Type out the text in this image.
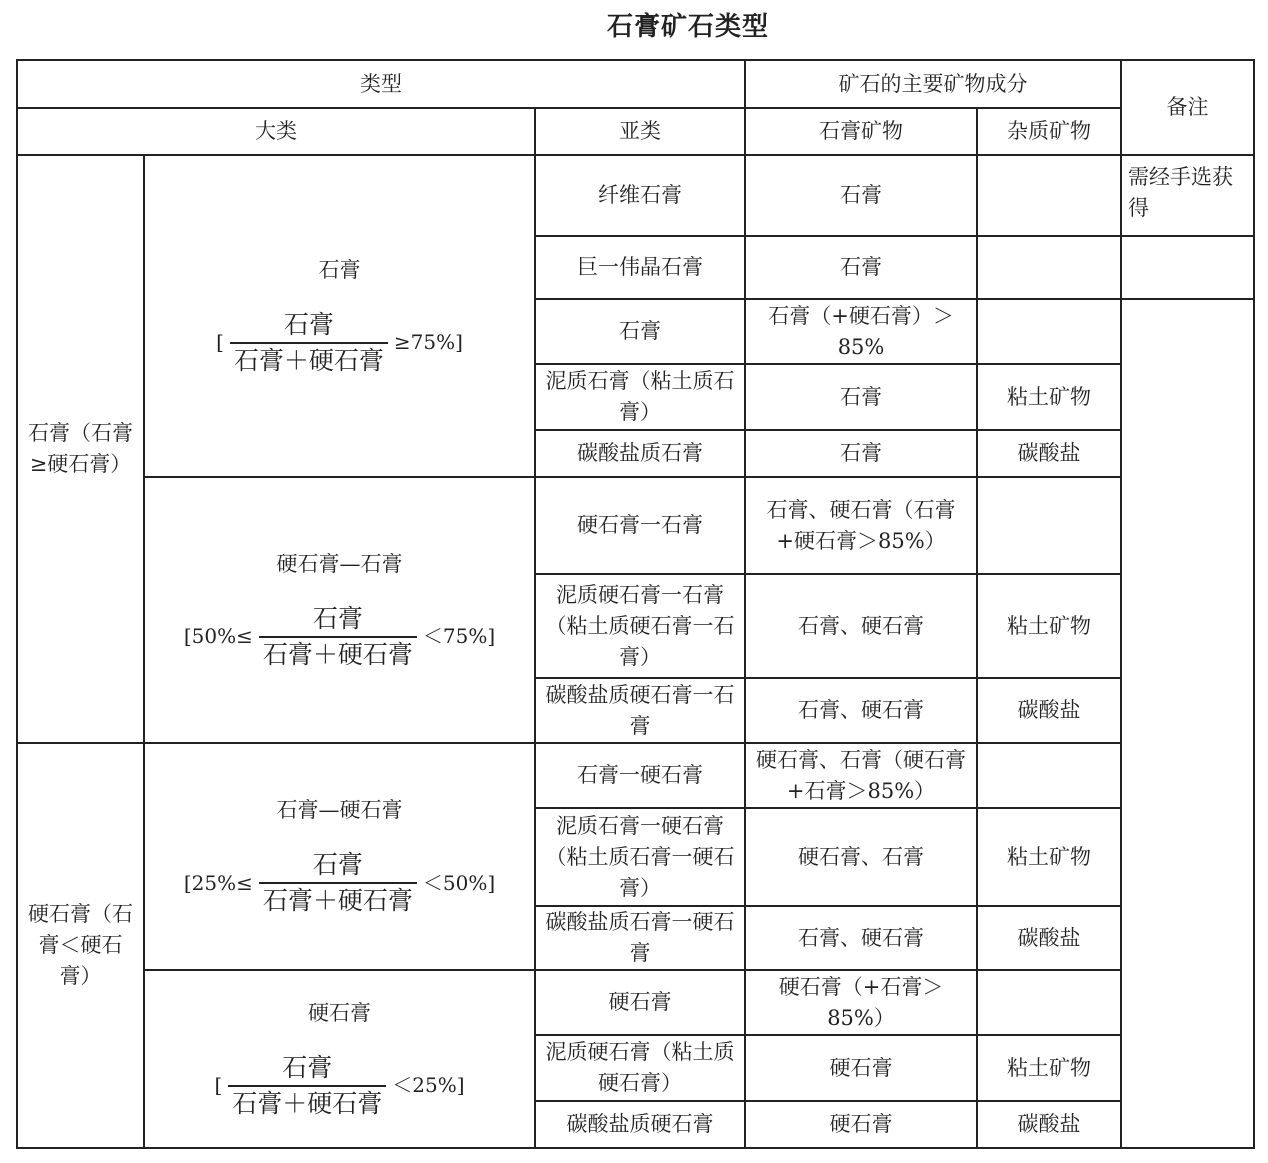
石膏矿石类型
类型			矿石的主要矿物成分		备注
大类		亚类	石膏矿物	杂质矿物	
石膏（石膏≥硬石膏）	石膏
[
石膏
石膏＋硬石膏
≥75%]	纤维石膏	石膏		需经手选获得
		巨一伟晶石膏	石膏		
		石膏	石膏（+硬石膏）＞85%		
		泥质石膏（粘土质石膏）	石膏	粘土矿物	
		碳酸盐质石膏	石膏	碳酸盐	

	硬石膏—石膏
[50%≤
石膏
石膏＋硬石膏
＜75%]	硬石膏一石膏	石膏、硬石膏（石膏+硬石膏＞85%）		
		泥质硬石膏一石膏（粘土质硬石膏一石膏）	石膏、硬石膏	粘土矿物	
		碳酸盐质硬石膏一石膏	石膏、硬石膏	碳酸盐	
硬石膏（石膏＜硬石膏）	石膏—硬石膏
[25%≤
石膏
石膏＋硬石膏
＜50%]	石膏一硬石膏	硬石膏、石膏（硬石膏+石膏＞85%）		
		泥质石膏一硬石膏（粘土质石膏一硬石膏）	硬石膏、石膏	粘土矿物	
		碳酸盐质石膏一硬石膏	石膏、硬石膏	碳酸盐	

	硬石膏
[
石膏
石膏＋硬石膏
＜25%]	硬石膏	硬石膏（+石膏＞85%）		
		泥质硬石膏（粘土质硬石膏）	硬石膏	粘土矿物	
		碳酸盐质硬石膏	硬石膏	碳酸盐	
